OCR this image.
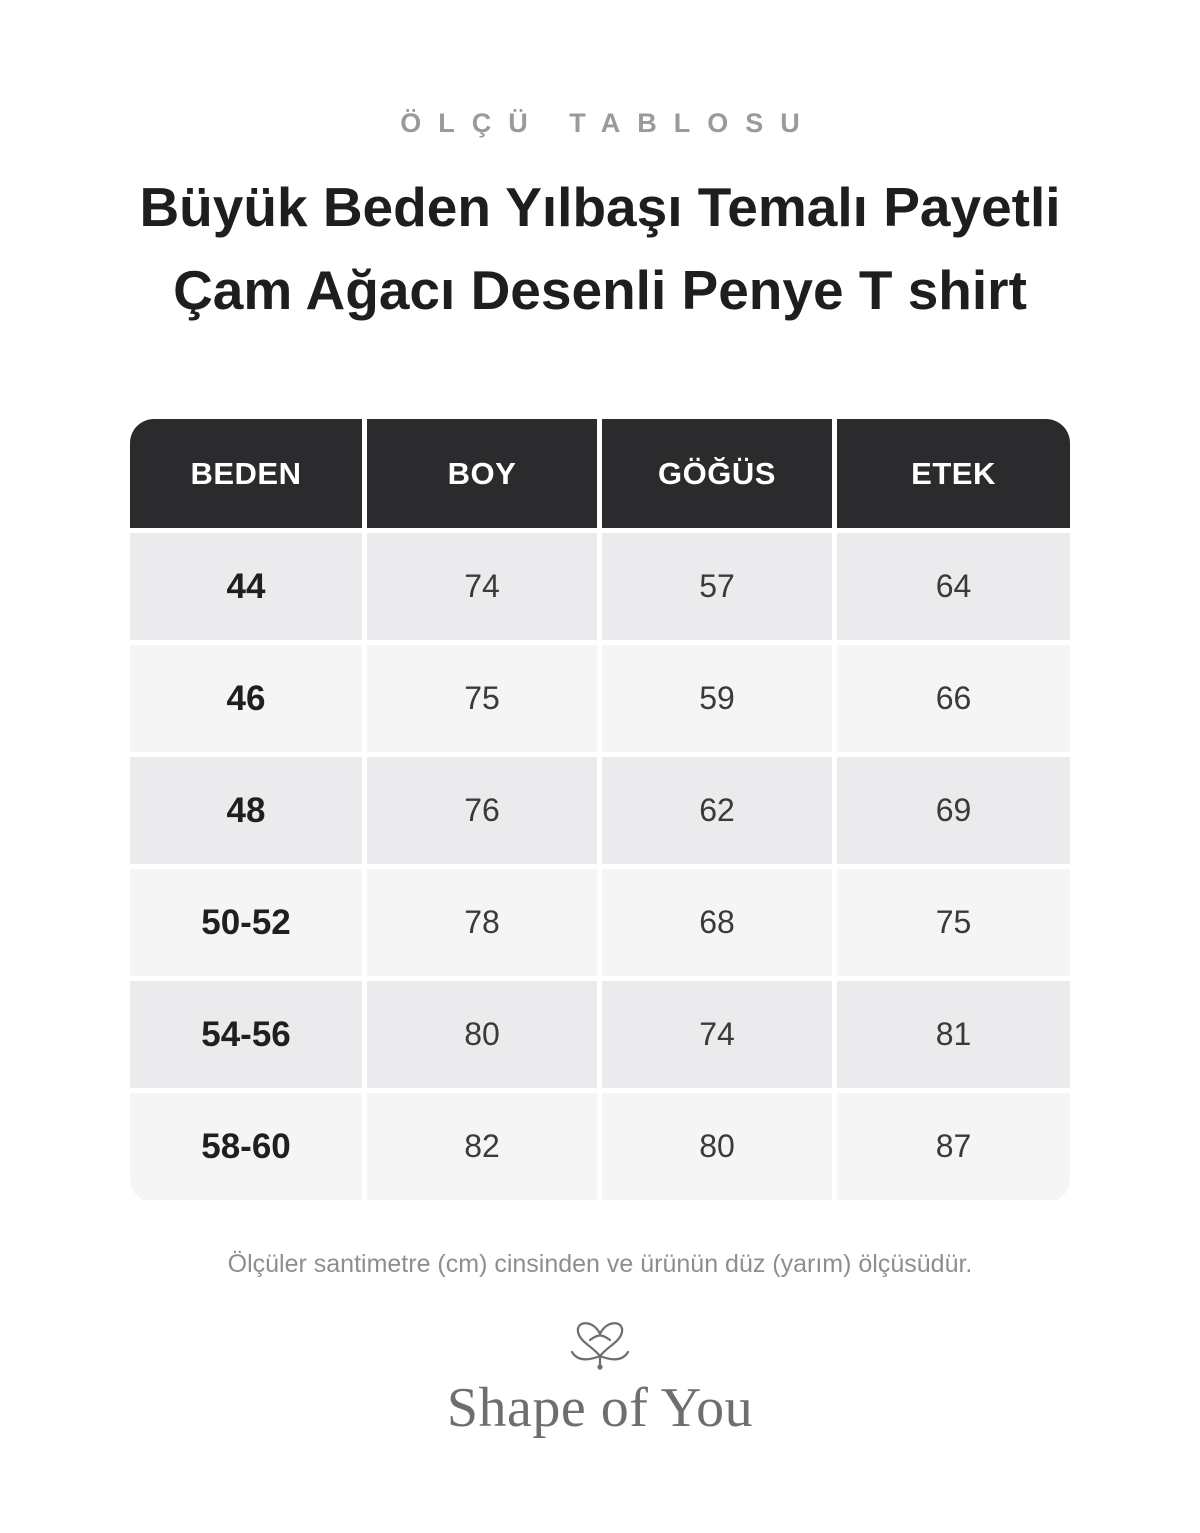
ÖLÇÜ TABLOSU
Büyük Beden Yılbaşı Temalı Payetli
Çam Ağacı Desenli Penye T shirt
BEDEN	BOY	GÖĞÜS	ETEK
44	74	57	64
46	75	59	66
48	76	62	69
50-52	78	68	75
54-56	80	74	81
58-60	82	80	87
Ölçüler santimetre (cm) cinsinden ve ürünün düz (yarım) ölçüsüdür.
Shape of You
